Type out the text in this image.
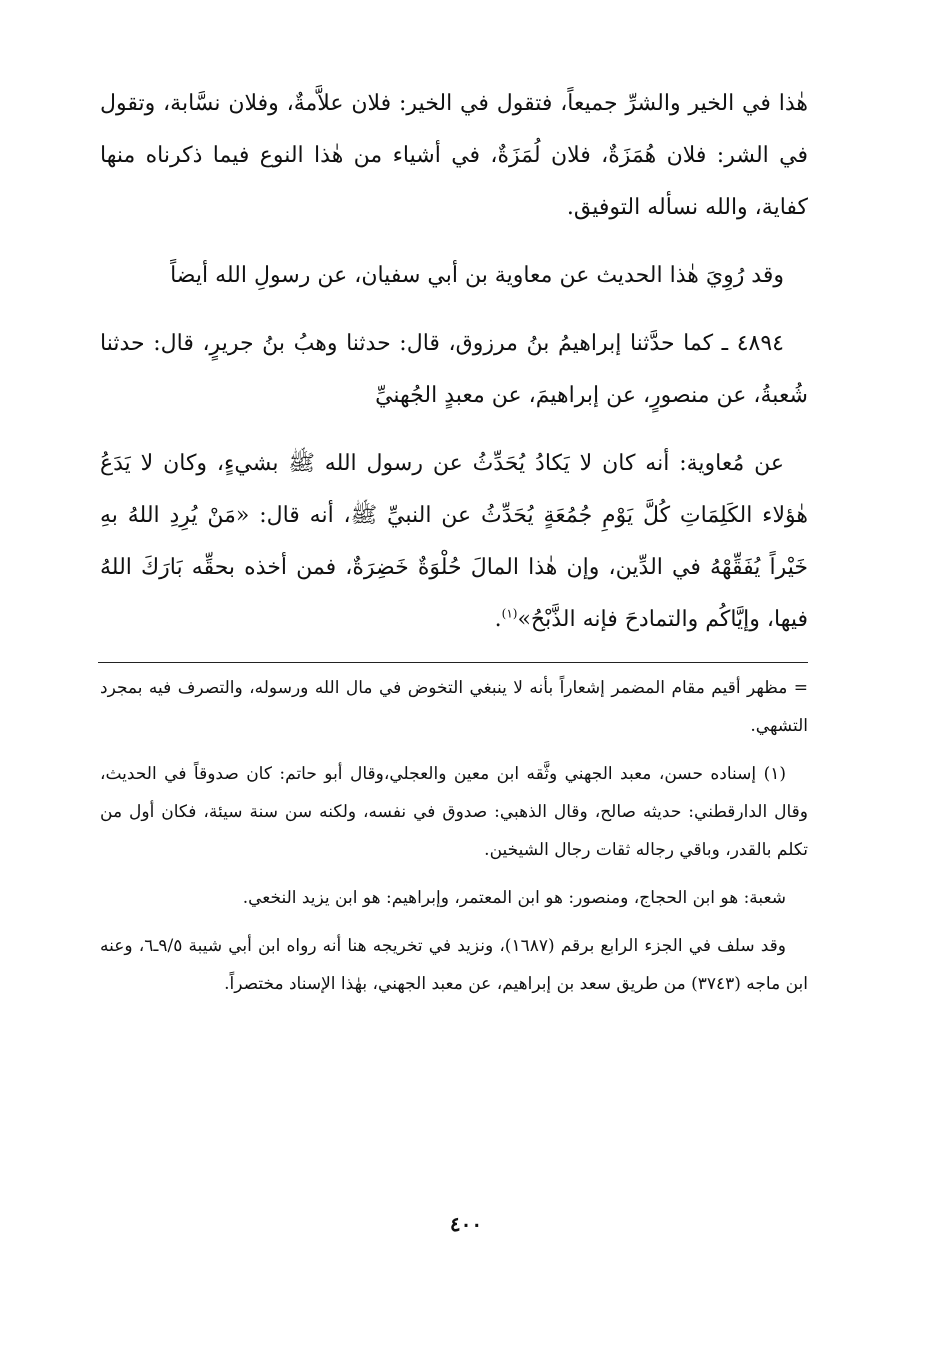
هٰذا في الخير والشرِّ جميعاً، فتقول في الخير: فلان علاَّمةٌ، وفلان نسَّابة، وتقول في الشر: فلان هُمَزَةٌ، فلان لُمَزَةٌ، في أشياء من هٰذا النوع فيما ذكرناه منها كفاية، والله نسأله التوفيق.

وقد رُوِيَ هٰذا الحديث عن معاوية بن أبي سفيان، عن رسولِ الله أيضاً

٤٨٩٤ ـ كما حدَّثنا إبراهيمُ بنُ مرزوق، قال: حدثنا وهبُ بنُ جريرٍ، قال: حدثنا شُعبةُ، عن منصورٍ، عن إبراهيمَ، عن معبدٍ الجُهنيِّ

عن مُعاوية: أنه كان لا يَكادُ يُحَدِّثُ عن رسول الله ﷺ بشيءٍ، وكان لا يَدَعُ هٰؤلاء الكَلِمَاتِ كُلَّ يَوْمِ جُمُعَةٍ يُحَدِّثُ عن النبيِّ ﷺ، أنه قال: «مَنْ يُرِدِ اللهُ بهِ خَيْراً يُفَقِّهْهُ في الدِّين، وإن هٰذا المالَ حُلْوَةٌ خَضِرَةٌ، فمن أخذه بحقِّه بَارَكَ اللهُ فيها، وإيَّاكُم والتمادحَ فإنه الذَّبْحُ»$^{(١)}$.

= مظهر أقيم مقام المضمر إشعاراً بأنه لا ينبغي التخوض في مال الله ورسوله، والتصرف فيه بمجرد التشهي.

(١) إسناده حسن، معبد الجهني وثَّقه ابن معين والعجلي،وقال أبو حاتم: كان صدوقاً في الحديث، وقال الدارقطني: حديثه صالح، وقال الذهبي: صدوق في نفسه، ولكنه سن سنة سيئة، فكان أول من تكلم بالقدر، وباقي رجاله ثقات رجال الشيخين.

شعبة: هو ابن الحجاج، ومنصور: هو ابن المعتمر، وإبراهيم: هو ابن يزيد النخعي.

وقد سلف في الجزء الرابع برقم (١٦٨٧)، ونزيد في تخريجه هنا أنه رواه ابن أبي شيبة ٩/٥ـ٦، وعنه ابن ماجه (٣٧٤٣) من طريق سعد بن إبراهيم، عن معبد الجهني، بهٰذا الإسناد مختصراً.

٤٠٠
